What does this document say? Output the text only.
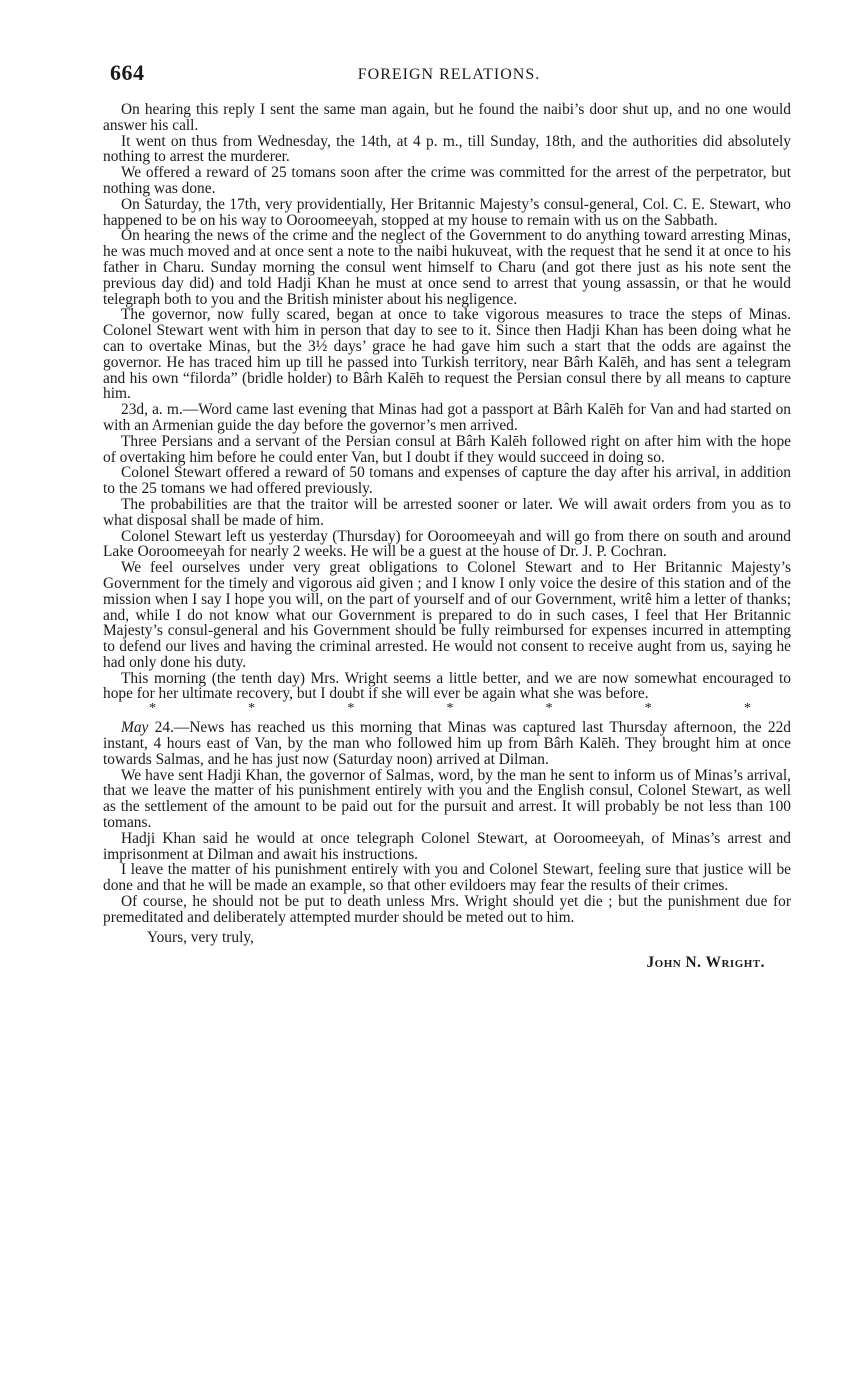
664	FOREIGN RELATIONS.

On hearing this reply I sent the same man again, but he found the naibi’s door shut up, and no one would answer his call.

It went on thus from Wednesday, the 14th, at 4 p. m., till Sunday, 18th, and the authorities did absolutely nothing to arrest the murderer.

We offered a reward of 25 tomans soon after the crime was committed for the arrest of the perpetrator, but nothing was done.

On Saturday, the 17th, very providentially, Her Britannic Majesty’s consul-general, Col. C. E. Stewart, who happened to be on his way to Ooroomeeyah, stopped at my house to remain with us on the Sabbath.

On hearing the news of the crime and the neglect of the Government to do anything toward arresting Minas, he was much moved and at once sent a note to the naibi hukuveat, with the request that he send it at once to his father in Charu. Sunday morning the consul went himself to Charu (and got there just as his note sent the previous day did) and told Hadji Khan he must at once send to arrest that young assassin, or that he would telegraph both to you and the British minister about his negligence.

The governor, now fully scared, began at once to take vigorous measures to trace the steps of Minas. Colonel Stewart went with him in person that day to see to it. Since then Hadji Khan has been doing what he can to overtake Minas, but the 3½ days’ grace he had gave him such a start that the odds are against the governor. He has traced him up till he passed into Turkish territory, near Bârh Kalēh, and has sent a telegram and his own “filorda” (bridle holder) to Bârh Kalēh to request the Persian consul there by all means to capture him.

23d, a. m.—Word came last evening that Minas had got a passport at Bârh Kalēh for Van and had started on with an Armenian guide the day before the governor’s men arrived.

Three Persians and a servant of the Persian consul at Bârh Kalēh followed right on after him with the hope of overtaking him before he could enter Van, but I doubt if they would succeed in doing so.

Colonel Stewart offered a reward of 50 tomans and expenses of capture the day after his arrival, in addition to the 25 tomans we had offered previously.

The probabilities are that the traitor will be arrested sooner or later. We will await orders from you as to what disposal shall be made of him.

Colonel Stewart left us yesterday (Thursday) for Ooroomeeyah and will go from there on south and around Lake Ooroomeeyah for nearly 2 weeks. He will be a guest at the house of Dr. J. P. Cochran.

We feel ourselves under very great obligations to Colonel Stewart and to Her Britannic Majesty’s Government for the timely and vigorous aid given ; and I know I only voice the desire of this station and of the mission when I say I hope you will, on the part of yourself and of our Government, writê him a letter of thanks; and, while I do not know what our Government is prepared to do in such cases, I feel that Her Britannic Majesty’s consul-general and his Government should be fully reimbursed for expenses incurred in attempting to defend our lives and having the criminal arrested. He would not consent to receive aught from us, saying he had only done his duty.

This morning (the tenth day) Mrs. Wright seems a little better, and we are now somewhat encouraged to hope for her ultimate recovery, but I doubt if she will ever be again what she was before.

*	*	*	*	*	*	*

May 24.—News has reached us this morning that Minas was captured last Thursday afternoon, the 22d instant, 4 hours east of Van, by the man who followed him up from Bârh Kalēh. They brought him at once towards Salmas, and he has just now (Saturday noon) arrived at Dilman.

We have sent Hadji Khan, the governor of Salmas, word, by the man he sent to inform us of Minas’s arrival, that we leave the matter of his punishment entirely with you and the English consul, Colonel Stewart, as well as the settlement of the amount to be paid out for the pursuit and arrest. It will probably be not less than 100 tomans.

Hadji Khan said he would at once telegraph Colonel Stewart, at Ooroomeeyah, of Minas’s arrest and imprisonment at Dilman and await his instructions.

I leave the matter of his punishment entirely with you and Colonel Stewart, feeling sure that justice will be done and that he will be made an example, so that other evildoers may fear the results of their crimes.

Of course, he should not be put to death unless Mrs. Wright should yet die ; but the punishment due for premeditated and deliberately attempted murder should be meted out to him.

Yours, very truly,
John N. Wright.
